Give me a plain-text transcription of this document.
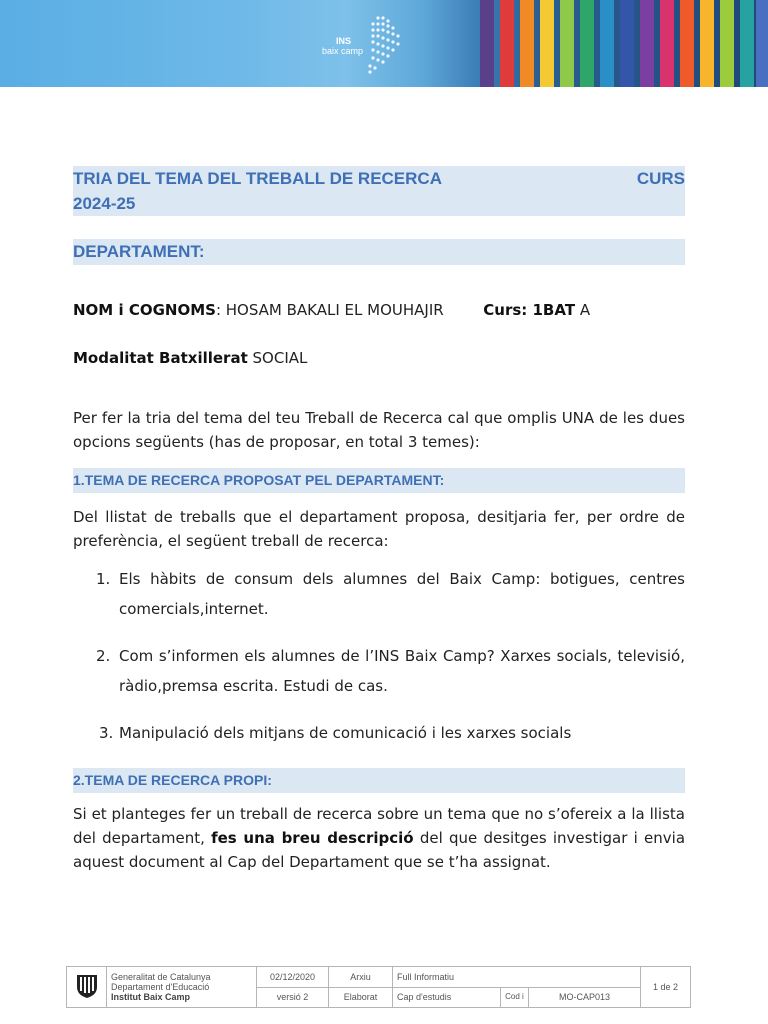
INS
baix camp
TRIA DEL TEMA DEL TREBALL DE RECERCA	CURS
2024-25
DEPARTAMENT:
NOM i COGNOMS: HOSAM BAKALI EL MOUHAJIR	Curs: 1BAT A
Modalitat Batxillerat SOCIAL
Per fer la tria del tema del teu Treball de Recerca cal que omplis UNA de les dues opcions següents (has de proposar, en total 3 temes):
1.TEMA DE RECERCA PROPOSAT PEL DEPARTAMENT:
Del llistat de treballs que el departament proposa, desitjaria fer, per ordre de preferència, el següent treball de recerca:
1. Els hàbits de consum dels alumnes del Baix Camp: botigues, centres comercials,internet.
2. Com s’informen els alumnes de l’INS Baix Camp? Xarxes socials, televisió, ràdio,premsa escrita. Estudi de cas.
3. Manipulació dels mitjans de comunicació i les xarxes socials
2.TEMA DE RECERCA PROPI:
Si et planteges fer un treball de recerca sobre un tema que no s’ofereix a la llista del departament, fes una breu descripció del que desitges investigar i envia aquest document al Cap del Departament que se t’ha assignat.

Generalitat de Catalunya
Departament d'Educació
Institut Baix Camp	02/12/2020	Arxiu	Full Informatiu			1 de 2
		versió 2	Elaborat	Cap d'estudis	Cod i	MO-CAP013	
